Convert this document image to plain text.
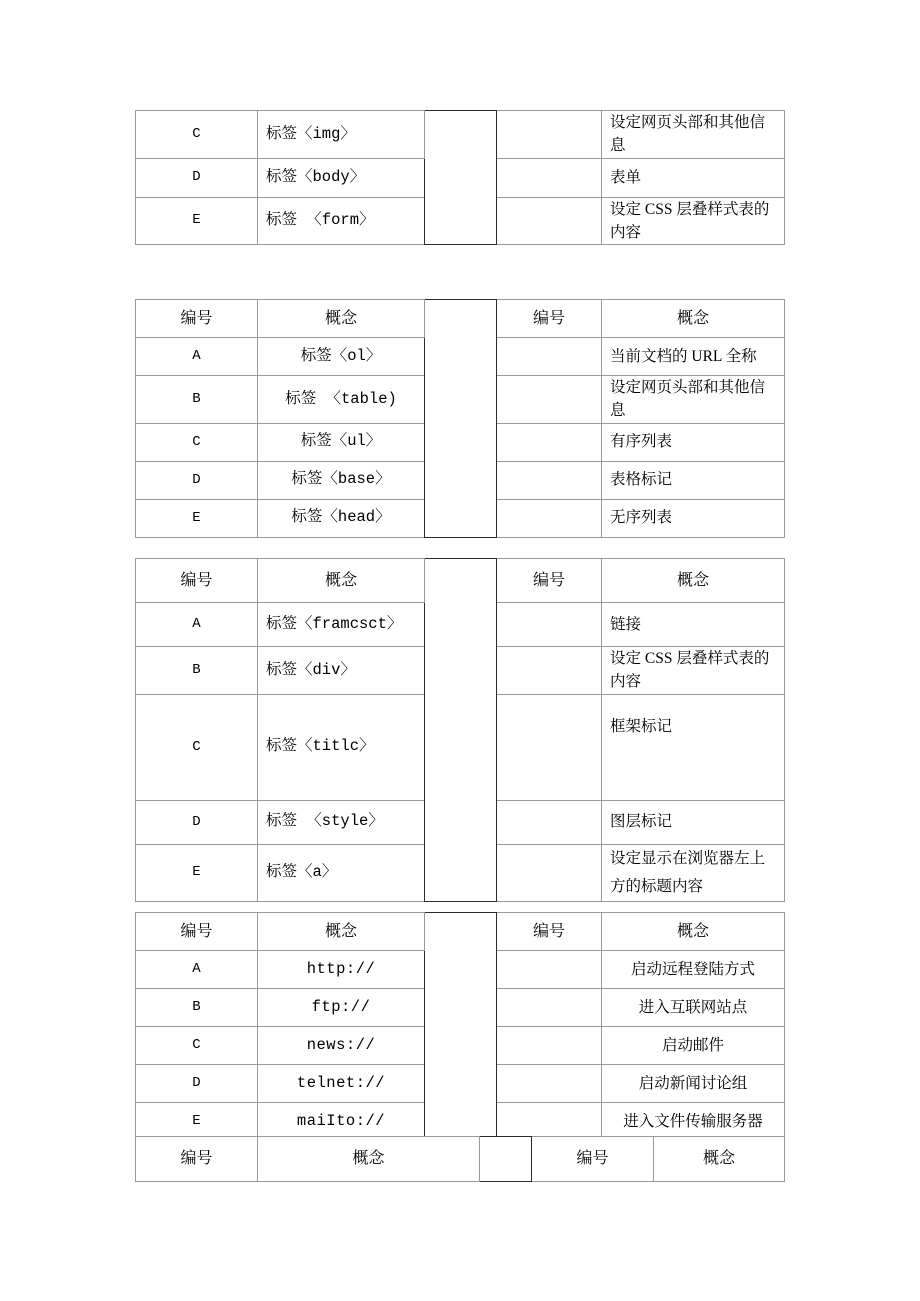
C	标签〈img〉			设定网页头部和其他信息
D	标签〈body〉			表单
E	标签 〈form〉			设定 CSS 层叠样式表的内容
编号	概念		编号	概念
A	标签〈ol〉			当前文档的 URL 全称
B	标签 〈table)			设定网页头部和其他信息
C	标签〈ul〉			有序列表
D	标签〈base〉			表格标记
E	标签〈head〉			无序列表
编号	概念		编号	概念
A	标签〈framcsct〉			链接
B	标签〈div〉			设定 CSS 层叠样式表的内容
C	标签〈titlc〉			框架标记
D	标签 〈style〉			图层标记
E	标签〈a〉			设定显示在浏览器左上方的标题内容
编号	概念		编号	概念
A	http://			启动远程登陆方式
B	ftp://			进入互联网站点
C	news://			启动邮件
D	telnet://			启动新闻讨论组
E	maiIto://			进入文件传输服务器
编号	概念		编号	概念
